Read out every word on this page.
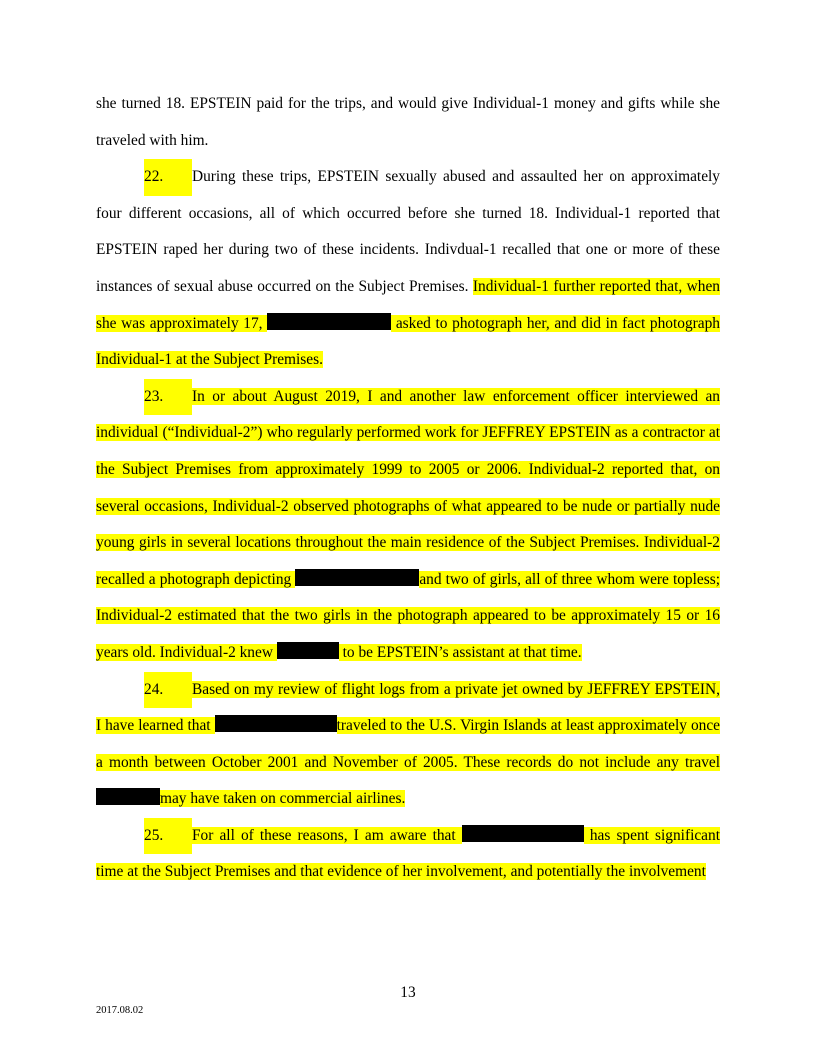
she turned 18. EPSTEIN paid for the trips, and would give Individual-1 money and gifts while she traveled with him.

22. During these trips, EPSTEIN sexually abused and assaulted her on approximately four different occasions, all of which occurred before she turned 18. Individual-1 reported that EPSTEIN raped her during two of these incidents. Indivdual-1 recalled that one or more of these instances of sexual abuse occurred on the Subject Premises. Individual-1 further reported that, when she was approximately 17,	asked to photograph her, and did in fact photograph Individual-1 at the Subject Premises.

23. In or about August 2019, I and another law enforcement officer interviewed an individual (“Individual-2”) who regularly performed work for JEFFREY EPSTEIN as a contractor at the Subject Premises from approximately 1999 to 2005 or 2006. Individual-2 reported that, on several occasions, Individual-2 observed photographs of what appeared to be nude or partially nude young girls in several locations throughout the main residence of the Subject Premises. Individual-2 recalled a photograph depicting	and two of girls, all of three whom were topless; Individual-2 estimated that the two girls in the photograph appeared to be approximately 15 or 16 years old. Individual-2 knew	to be EPSTEIN’s assistant at that time.

24. Based on my review of flight logs from a private jet owned by JEFFREY EPSTEIN, I have learned that	traveled to the U.S. Virgin Islands at least approximately once a month between October 2001 and November of 2005. These records do not include any travel may have taken on commercial airlines.

25. For all of these reasons, I am aware that	has spent significant time at the Subject Premises and that evidence of her involvement, and potentially the involvement

13
2017.08.02
